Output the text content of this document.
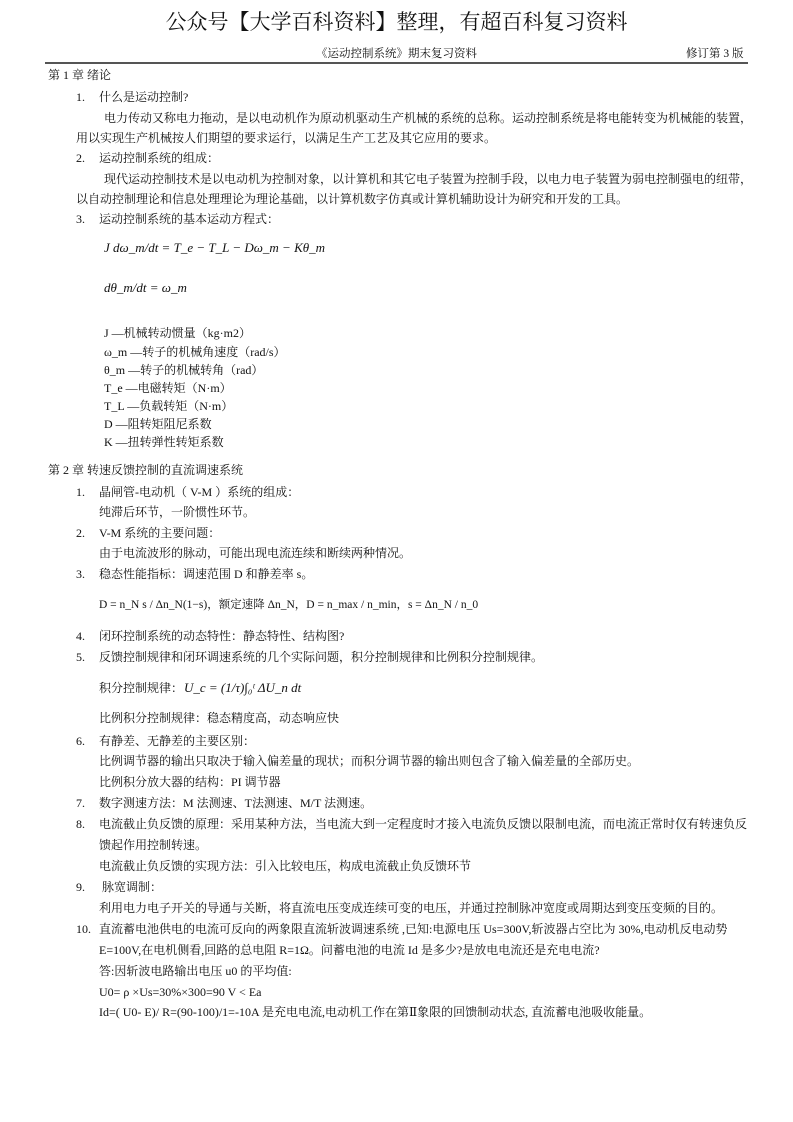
公众号【大学百科资料】整理，有超百科复习资料
《运动控制系统》期末复习资料	修订第 3 版
第 1 章 绪论
1. 什么是运动控制?
电力传动又称电力拖动，是以电动机作为原动机驱动生产机械的系统的总称。运动控制系统是将电能转变为机械能的装置，
用以实现生产机械按人们期望的要求运行，以满足生产工艺及其它应用的要求。
2. 运动控制系统的组成：
现代运动控制技术是以电动机为控制对象，以计算机和其它电子装置为控制手段，以电力电子装置为弱电控制强电的纽带，
以自动控制理论和信息处理理论为理论基础，以计算机数字仿真或计算机辅助设计为研究和开发的工具。
3. 运动控制系统的基本运动方程式：
J dω_m/dt = T_e − T_L − Dω_m − Kθ_m
dθ_m/dt = ω_m
J —机械转动惯量（kg·m2）
ω_m —转子的机械角速度（rad/s）
θ_m —转子的机械转角（rad）
T_e —电磁转矩（N·m）
T_L —负载转矩（N·m）
D —阻转矩阻尼系数
K —扭转弹性转矩系数
第 2 章 转速反馈控制的直流调速系统
1. 晶闸管-电动机（ V-M ）系统的组成：
纯滞后环节，一阶惯性环节。
2. V-M 系统的主要问题：
由于电流波形的脉动，可能出现电流连续和断续两种情况。
3. 稳态性能指标：调速范围 D 和静差率 s。
D = n_N s / Δn_N(1−s)，额定速降 Δn_N，D = n_max / n_min，s = Δn_N / n_0
4. 闭环控制系统的动态特性：静态特性、结构图?
5. 反馈控制规律和闭环调速系统的几个实际问题，积分控制规律和比例积分控制规律。
积分控制规律： U_c = (1/τ)∫₀ᵗ ΔU_n dt
比例积分控制规律：稳态精度高，动态响应快
6. 有静差、无静差的主要区别：
比例调节器的输出只取决于输入偏差量的现状；而积分调节器的输出则包含了输入偏差量的全部历史。
比例积分放大器的结构：PI 调节器
7. 数字测速方法：M 法测速、T法测速、M/T 法测速。
8. 电流截止负反馈的原理：采用某种方法，当电流大到一定程度时才接入电流负反馈以限制电流，而电流正常时仅有转速负反
馈起作用控制转速。
电流截止负反馈的实现方法：引入比较电压，构成电流截止负反馈环节
9. 脉宽调制：
利用电力电子开关的导通与关断，将直流电压变成连续可变的电压，并通过控制脉冲宽度或周期达到变压变频的目的。
10. 直流蓄电池供电的电流可反向的两象限直流斩波调速系统 ,已知:电源电压 Us=300V,斩波器占空比为 30%,电动机反电动势
E=100V,在电机侧看,回路的总电阻 R=1Ω。问蓄电池的电流 Id 是多少?是放电电流还是充电电流?
答:因斩波电路输出电压 u0 的平均值:
U0= ρ ×Us=30%×300=90 V < Ea
Id=( U0- E)/ R=(90-100)/1=-10A 是充电电流,电动机工作在第Ⅱ象限的回馈制动状态, 直流蓄电池吸收能量。
